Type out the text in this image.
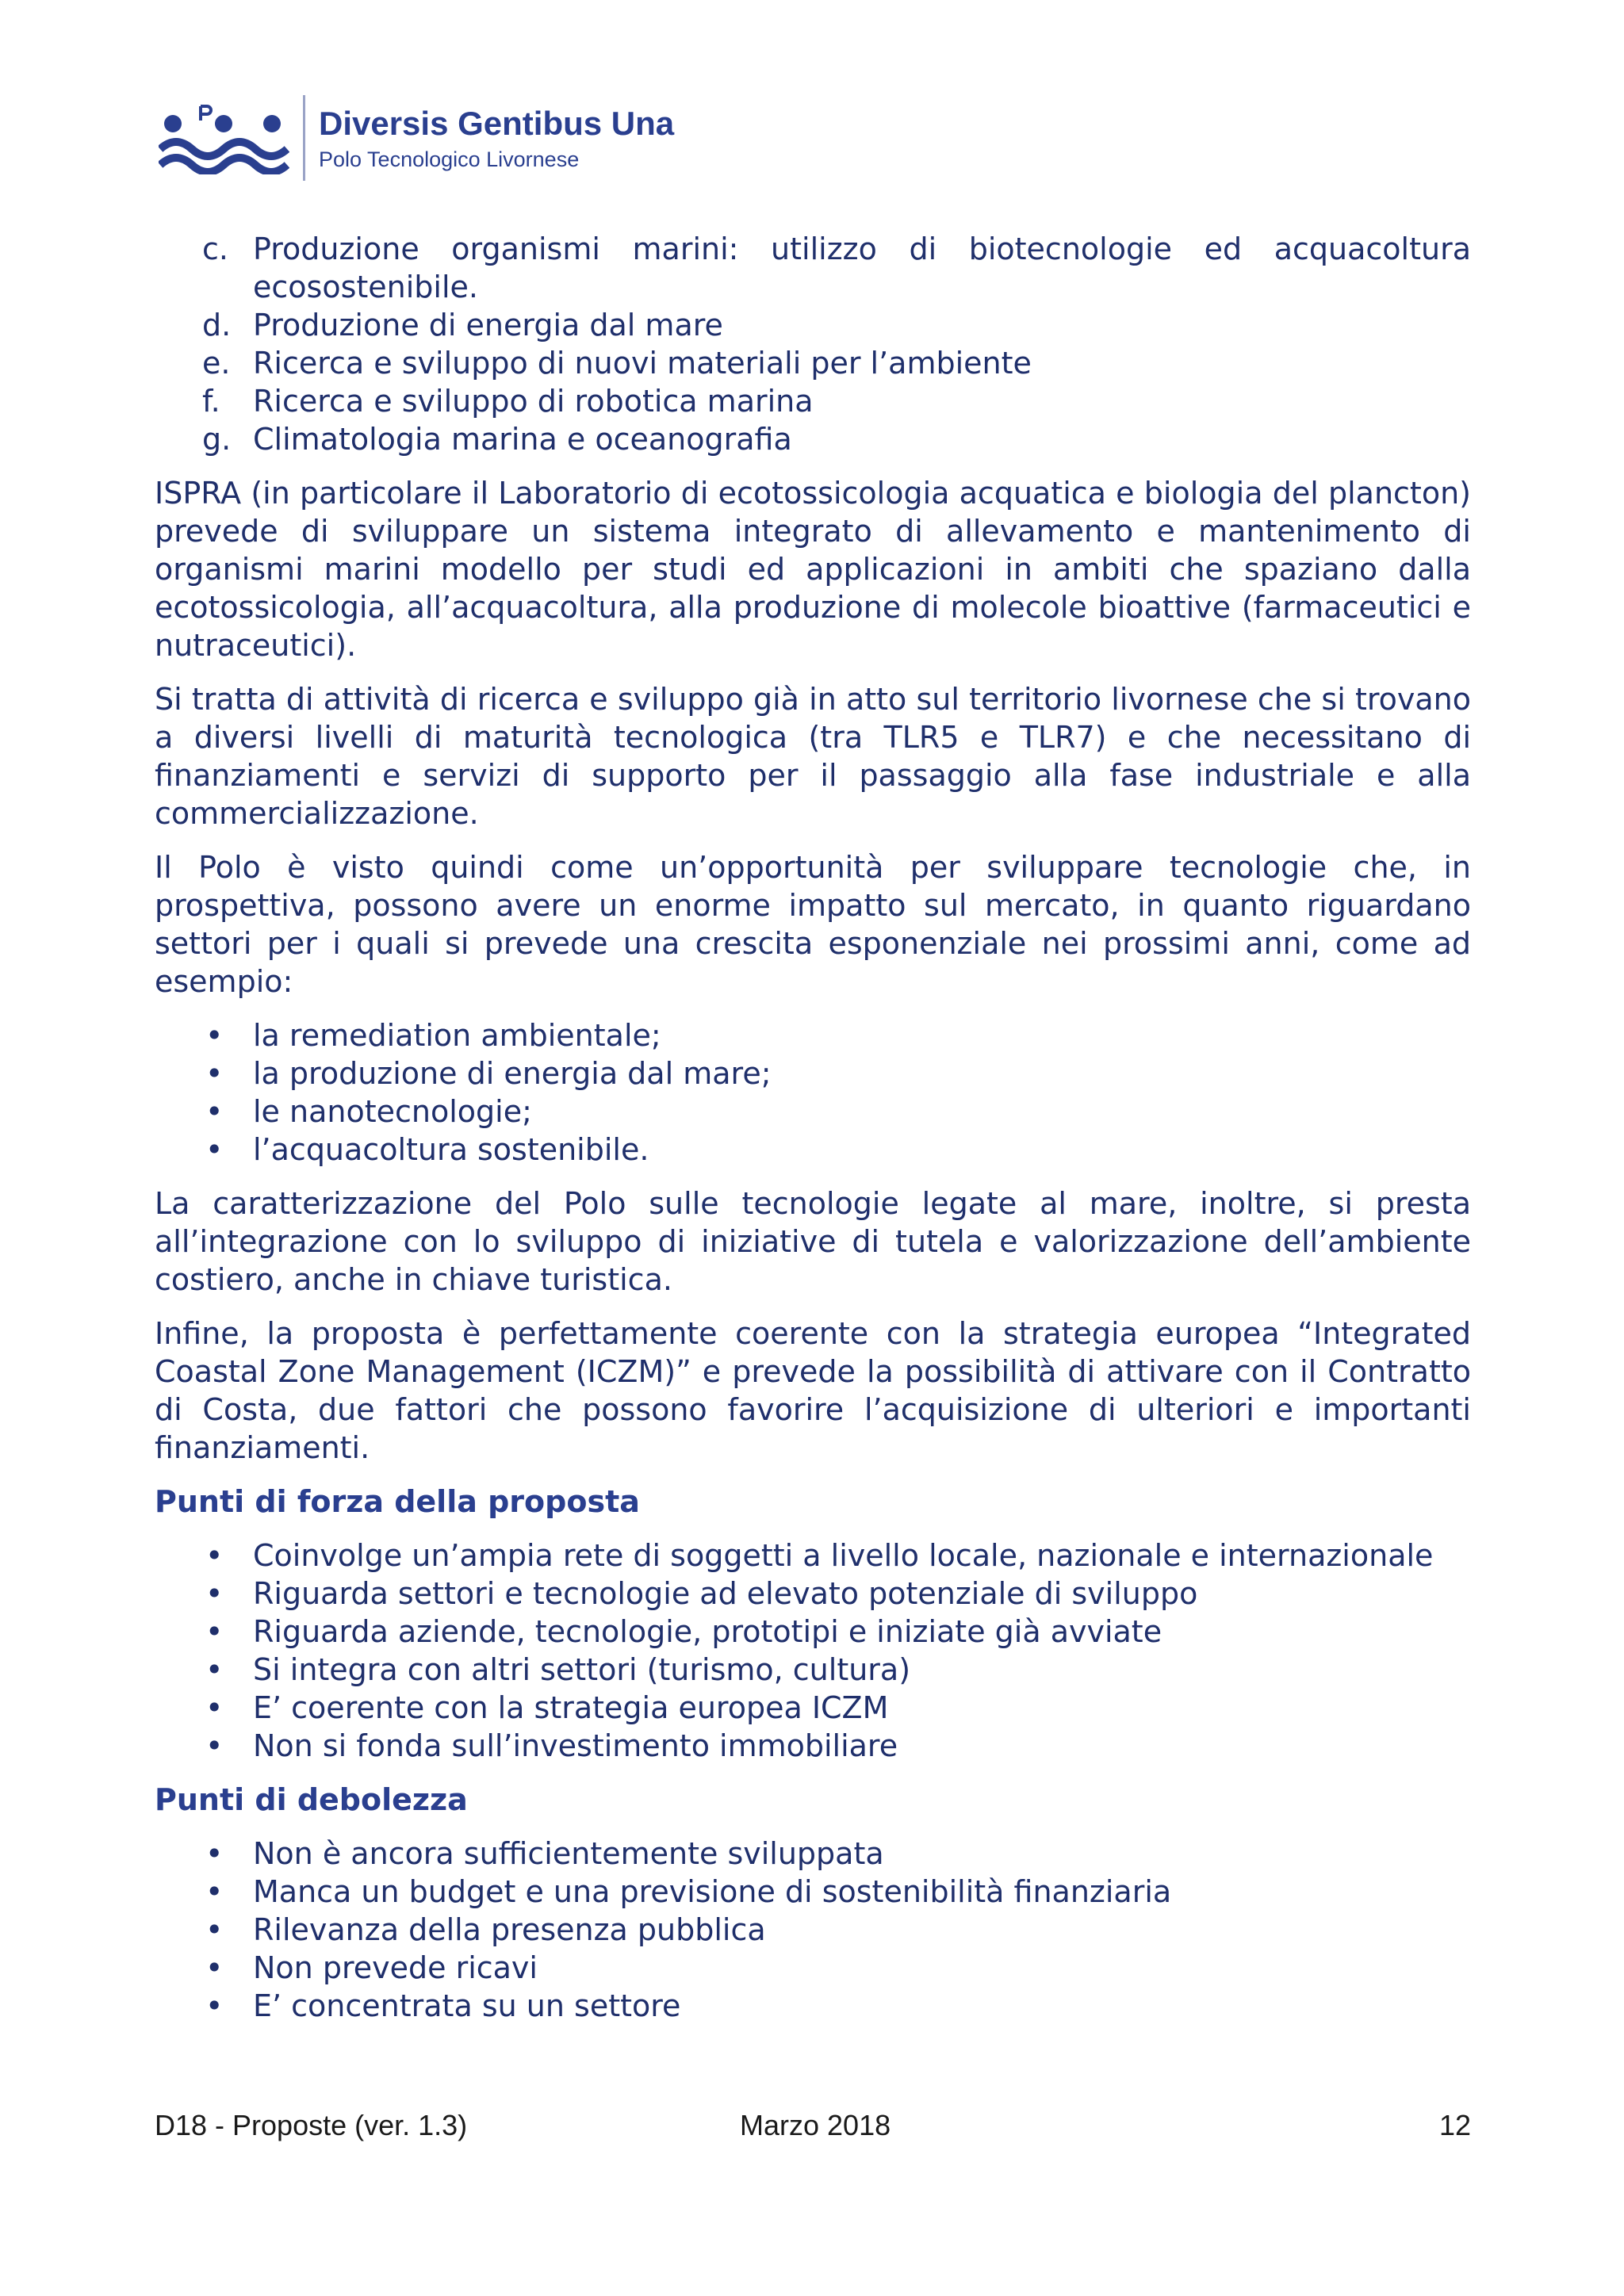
Diversis Gentibus Una
Polo Tecnologico Livornese
c. Produzione organismi marini: utilizzo di biotecnologie ed acquacoltura ecosostenibile.
d. Produzione di energia dal mare
e. Ricerca e sviluppo di nuovi materiali per l’ambiente
f. Ricerca e sviluppo di robotica marina
g. Climatologia marina e oceanografia

ISPRA (in particolare il Laboratorio di ecotossicologia acquatica e biologia del plancton) prevede di sviluppare un sistema integrato di allevamento e mantenimento di organismi marini modello per studi ed applicazioni in ambiti che spaziano dalla ecotossicologia, all’acquacoltura, alla produzione di molecole bioattive (farmaceutici e nutraceutici).

Si tratta di attività di ricerca e sviluppo già in atto sul territorio livornese che si trovano a diversi livelli di maturità tecnologica (tra TLR5 e TLR7) e che necessitano di finanziamenti e servizi di supporto per il passaggio alla fase industriale e alla commercializzazione.

Il Polo è visto quindi come un’opportunità per sviluppare tecnologie che, in prospettiva, possono avere un enorme impatto sul mercato, in quanto riguardano settori per i quali si prevede una crescita esponenziale nei prossimi anni, come ad esempio:

• la remediation ambientale;
• la produzione di energia dal mare;
• le nanotecnologie;
• l’acquacoltura sostenibile.

La caratterizzazione del Polo sulle tecnologie legate al mare, inoltre, si presta all’integrazione con lo sviluppo di iniziative di tutela e valorizzazione dell’ambiente costiero, anche in chiave turistica.

Infine, la proposta è perfettamente coerente con la strategia europea “Integrated Coastal Zone Management (ICZM)” e prevede la possibilità di attivare con il Contratto di Costa, due fattori che possono favorire l’acquisizione di ulteriori e importanti finanziamenti.

Punti di forza della proposta
• Coinvolge un’ampia rete di soggetti a livello locale, nazionale e internazionale
• Riguarda settori e tecnologie ad elevato potenziale di sviluppo
• Riguarda aziende, tecnologie, prototipi e iniziate già avviate
• Si integra con altri settori (turismo, cultura)
• E’ coerente con la strategia europea ICZM
• Non si fonda sull’investimento immobiliare
Punti di debolezza
• Non è ancora sufficientemente sviluppata
• Manca un budget e una previsione di sostenibilità finanziaria
• Rilevanza della presenza pubblica
• Non prevede ricavi
• E’ concentrata su un settore
D18 - Proposte (ver. 1.3)	Marzo 2018	12
